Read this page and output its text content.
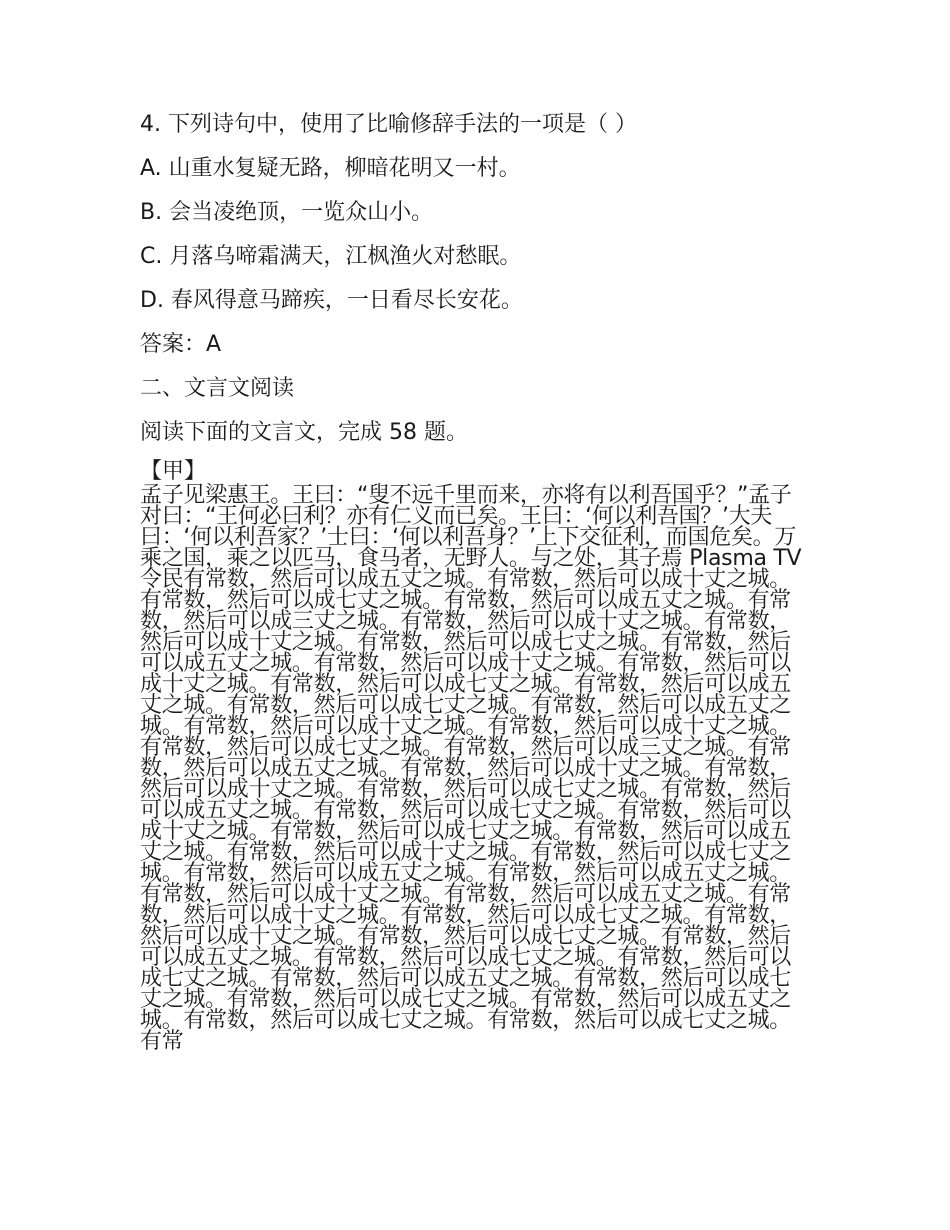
4. 下列诗句中，使用了比喻修辞手法的一项是（ ）

A. 山重水复疑无路，柳暗花明又一村。

B. 会当凌绝顶，一览众山小。

C. 月落乌啼霜满天，江枫渔火对愁眠。

D. 春风得意马蹄疾，一日看尽长安花。

答案：A

二、文言文阅读

阅读下面的文言文，完成 58 题。

【甲】
孟子见梁惠王。王曰：“叟不远千里而来，亦将有以利吾国乎？”孟子对曰：“王何必曰利？亦有仁义而已矣。王曰：‘何以利吾国？’大夫曰：‘何以利吾家？’士曰：‘何以利吾身？’上下交征利，而国危矣。万乘之国，乘之以匹马，食马者，无野人。与之处，其子焉 Plasma TV 令民有常数，然后可以成五丈之城。有常数，然后可以成十丈之城。有常数，然后可以成七丈之城。有常数，然后可以成五丈之城。有常数，然后可以成三丈之城。有常数，然后可以成十丈之城。有常数，然后可以成十丈之城。有常数，然后可以成七丈之城。有常数，然后可以成五丈之城。有常数，然后可以成十丈之城。有常数，然后可以成十丈之城。有常数，然后可以成七丈之城。有常数，然后可以成五丈之城。有常数，然后可以成七丈之城。有常数，然后可以成五丈之城。有常数，然后可以成十丈之城。有常数，然后可以成十丈之城。有常数，然后可以成七丈之城。有常数，然后可以成三丈之城。有常数，然后可以成五丈之城。有常数，然后可以成十丈之城。有常数，然后可以成十丈之城。有常数，然后可以成七丈之城。有常数，然后可以成五丈之城。有常数，然后可以成七丈之城。有常数，然后可以成十丈之城。有常数，然后可以成七丈之城。有常数，然后可以成五丈之城。有常数，然后可以成十丈之城。有常数，然后可以成七丈之城。有常数，然后可以成五丈之城。有常数，然后可以成五丈之城。有常数，然后可以成十丈之城。有常数，然后可以成五丈之城。有常数，然后可以成十丈之城。有常数，然后可以成七丈之城。有常数，然后可以成十丈之城。有常数，然后可以成七丈之城。有常数，然后可以成五丈之城。有常数，然后可以成七丈之城。有常数，然后可以成七丈之城。有常数，然后可以成五丈之城。有常数，然后可以成七丈之城。有常数，然后可以成七丈之城。有常数，然后可以成五丈之城。有常数，然后可以成七丈之城。有常数，然后可以成七丈之城。有常
